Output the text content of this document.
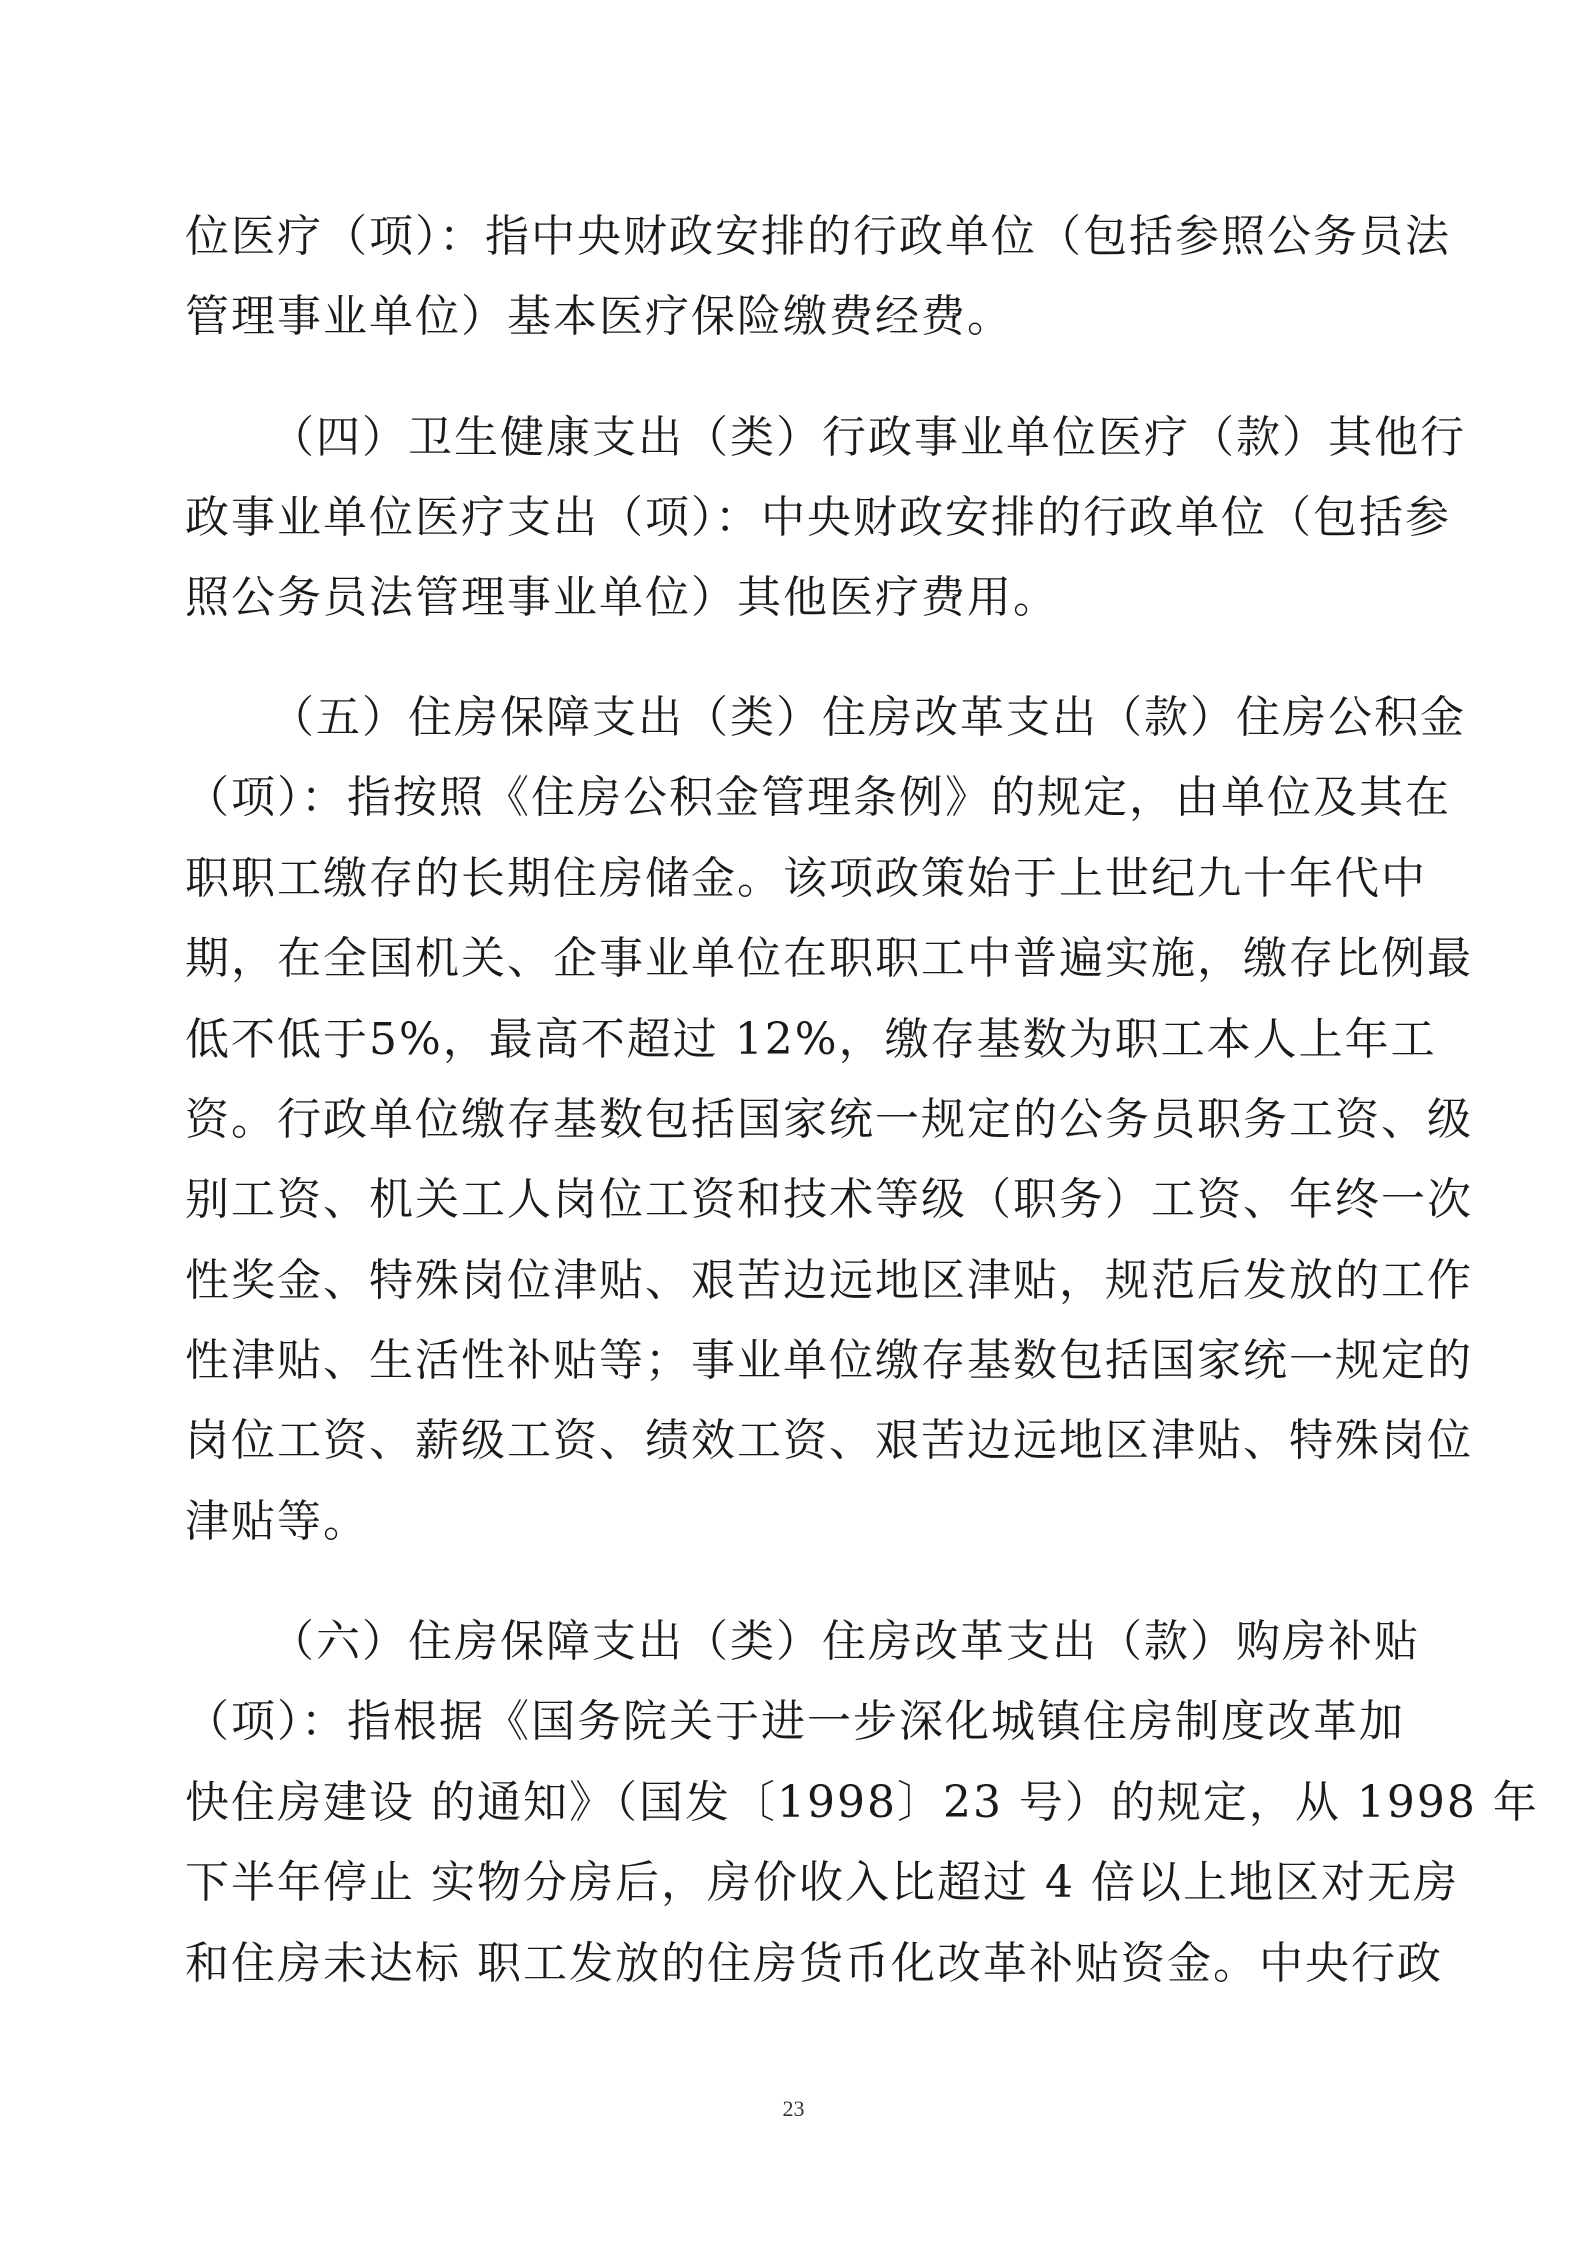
位医疗（项）：指中央财政安排的行政单位（包括参照公务员法
管理事业单位）基本医疗保险缴费经费。
（四）卫生健康支出（类）行政事业单位医疗（款）其他行
政事业单位医疗支出（项）：中央财政安排的行政单位（包括参
照公务员法管理事业单位）其他医疗费用。
（五）住房保障支出（类）住房改革支出（款）住房公积金
（项）：指按照《住房公积金管理条例》的规定，由单位及其在
职职工缴存的长期住房储金。该项政策始于上世纪九十年代中
期，在全国机关、企事业单位在职职工中普遍实施，缴存比例最
低不低于5%，最高不超过 12%，缴存基数为职工本人上年工
资。行政单位缴存基数包括国家统一规定的公务员职务工资、级
别工资、机关工人岗位工资和技术等级（职务）工资、年终一次
性奖金、特殊岗位津贴、艰苦边远地区津贴，规范后发放的工作
性津贴、生活性补贴等；事业单位缴存基数包括国家统一规定的
岗位工资、薪级工资、绩效工资、艰苦边远地区津贴、特殊岗位
津贴等。
（六）住房保障支出（类）住房改革支出（款）购房补贴
（项）：指根据《国务院关于进一步深化城镇住房制度改革加
快住房建设 的通知》（国发〔1998〕23 号）的规定，从 1998 年
下半年停止 实物分房后，房价收入比超过 4 倍以上地区对无房
和住房未达标 职工发放的住房货币化改革补贴资金。中央行政
23
